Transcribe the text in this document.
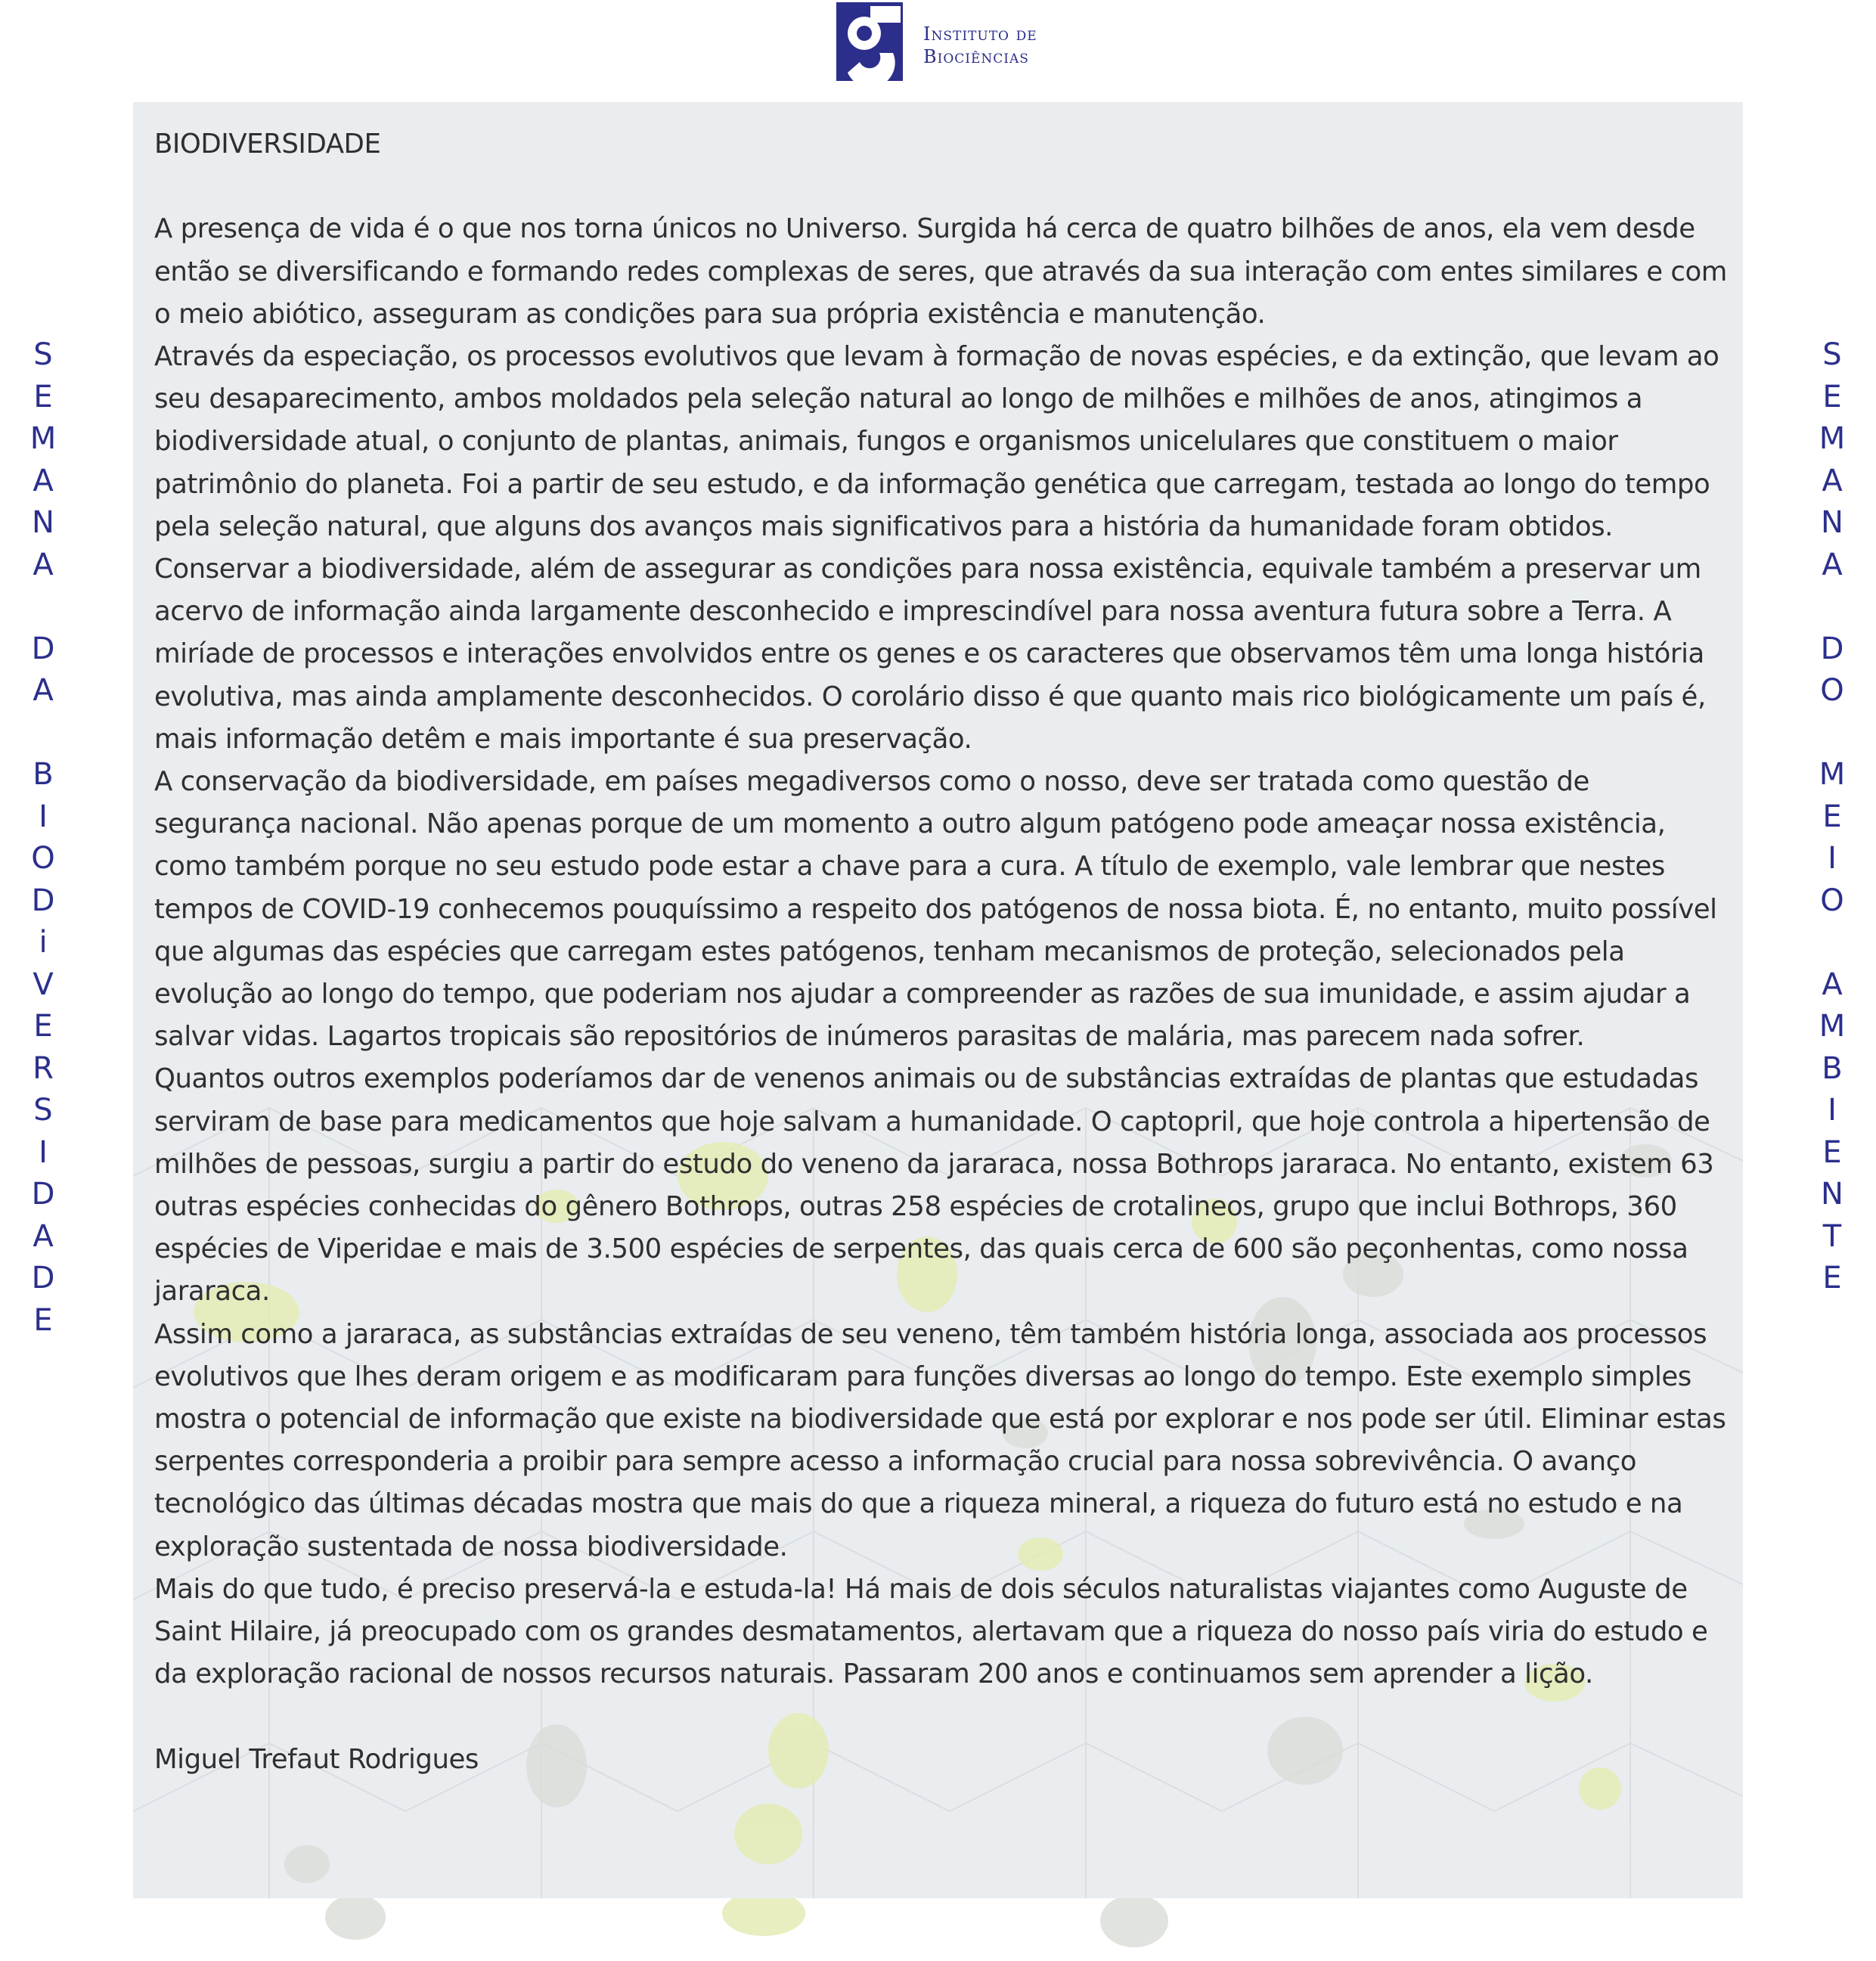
Instituto de
Biociências
S
E
M
A
N
A
D
A
B
I
O
D
i
V
E
R
S
I
D
A
D
E
S
E
M
A
N
A
D
O
M
E
I
O
A
M
B
I
E
N
T
E

BIODIVERSIDADE

A presença de vida é o que nos torna únicos no Universo. Surgida há cerca de quatro bilhões de anos, ela vem desde então se diversificando e formando redes complexas de seres, que através da sua interação com entes similares e com o meio abiótico, asseguram as condições para sua própria existência e manutenção.

Através da especiação, os processos evolutivos que levam à formação de novas espécies, e da extinção, que levam ao seu desaparecimento, ambos moldados pela seleção natural ao longo de milhões e milhões de anos, atingimos a biodiversidade atual, o conjunto de plantas, animais, fungos e organismos unicelulares que constituem o maior patrimônio do planeta. Foi a partir de seu estudo, e da informação genética que carregam, testada ao longo do tempo pela seleção natural, que alguns dos avanços mais significativos para a história da humanidade foram obtidos. Conservar a biodiversidade, além de assegurar as condições para nossa existência, equivale também a preservar um acervo de informação ainda largamente desconhecido e imprescindível para nossa aventura futura sobre a Terra. A miríade de processos e interações envolvidos entre os genes e os caracteres que observamos têm uma longa história evolutiva, mas ainda amplamente desconhecidos. O corolário disso é que quanto mais rico biológicamente um país é, mais informação detêm e mais importante é sua preservação.

A conservação da biodiversidade, em países megadiversos como o nosso, deve ser tratada como questão de segurança nacional. Não apenas porque de um momento a outro algum patógeno pode ameaçar nossa existência, como também porque no seu estudo pode estar a chave para a cura. A título de exemplo, vale lembrar que nestes tempos de COVID-19 conhecemos pouquíssimo a respeito dos patógenos de nossa biota. É, no entanto, muito possível que algumas das espécies que carregam estes patógenos, tenham mecanismos de proteção, selecionados pela evolução ao longo do tempo, que poderiam nos ajudar a compreender as razões de sua imunidade, e assim ajudar a salvar vidas. Lagartos tropicais são repositórios de inúmeros parasitas de malária, mas parecem nada sofrer.

Quantos outros exemplos poderíamos dar de venenos animais ou de substâncias extraídas de plantas que estudadas serviram de base para medicamentos que hoje salvam a humanidade. O captopril, que hoje controla a hipertensão de milhões de pessoas, surgiu a partir do estudo do veneno da jararaca, nossa Bothrops jararaca. No entanto, existem 63 outras espécies conhecidas do gênero Bothrops, outras 258 espécies de crotalineos, grupo que inclui Bothrops, 360 espécies de Viperidae e mais de 3.500 espécies de serpentes, das quais cerca de 600 são peçonhentas, como nossa jararaca.

Assim como a jararaca, as substâncias extraídas de seu veneno, têm também história longa, associada aos processos evolutivos que lhes deram origem e as modificaram para funções diversas ao longo do tempo. Este exemplo simples mostra o potencial de informação que existe na biodiversidade que está por explorar e nos pode ser útil. Eliminar estas serpentes corresponderia a proibir para sempre acesso a informação crucial para nossa sobrevivência. O avanço tecnológico das últimas décadas mostra que mais do que a riqueza mineral, a riqueza do futuro está no estudo e na exploração sustentada de nossa biodiversidade.

Mais do que tudo, é preciso preservá-la e estuda-la! Há mais de dois séculos naturalistas viajantes como Auguste de Saint Hilaire, já preocupado com os grandes desmatamentos, alertavam que a riqueza do nosso país viria do estudo e da exploração racional de nossos recursos naturais. Passaram 200 anos e continuamos sem aprender a lição.

Miguel Trefaut Rodrigues
